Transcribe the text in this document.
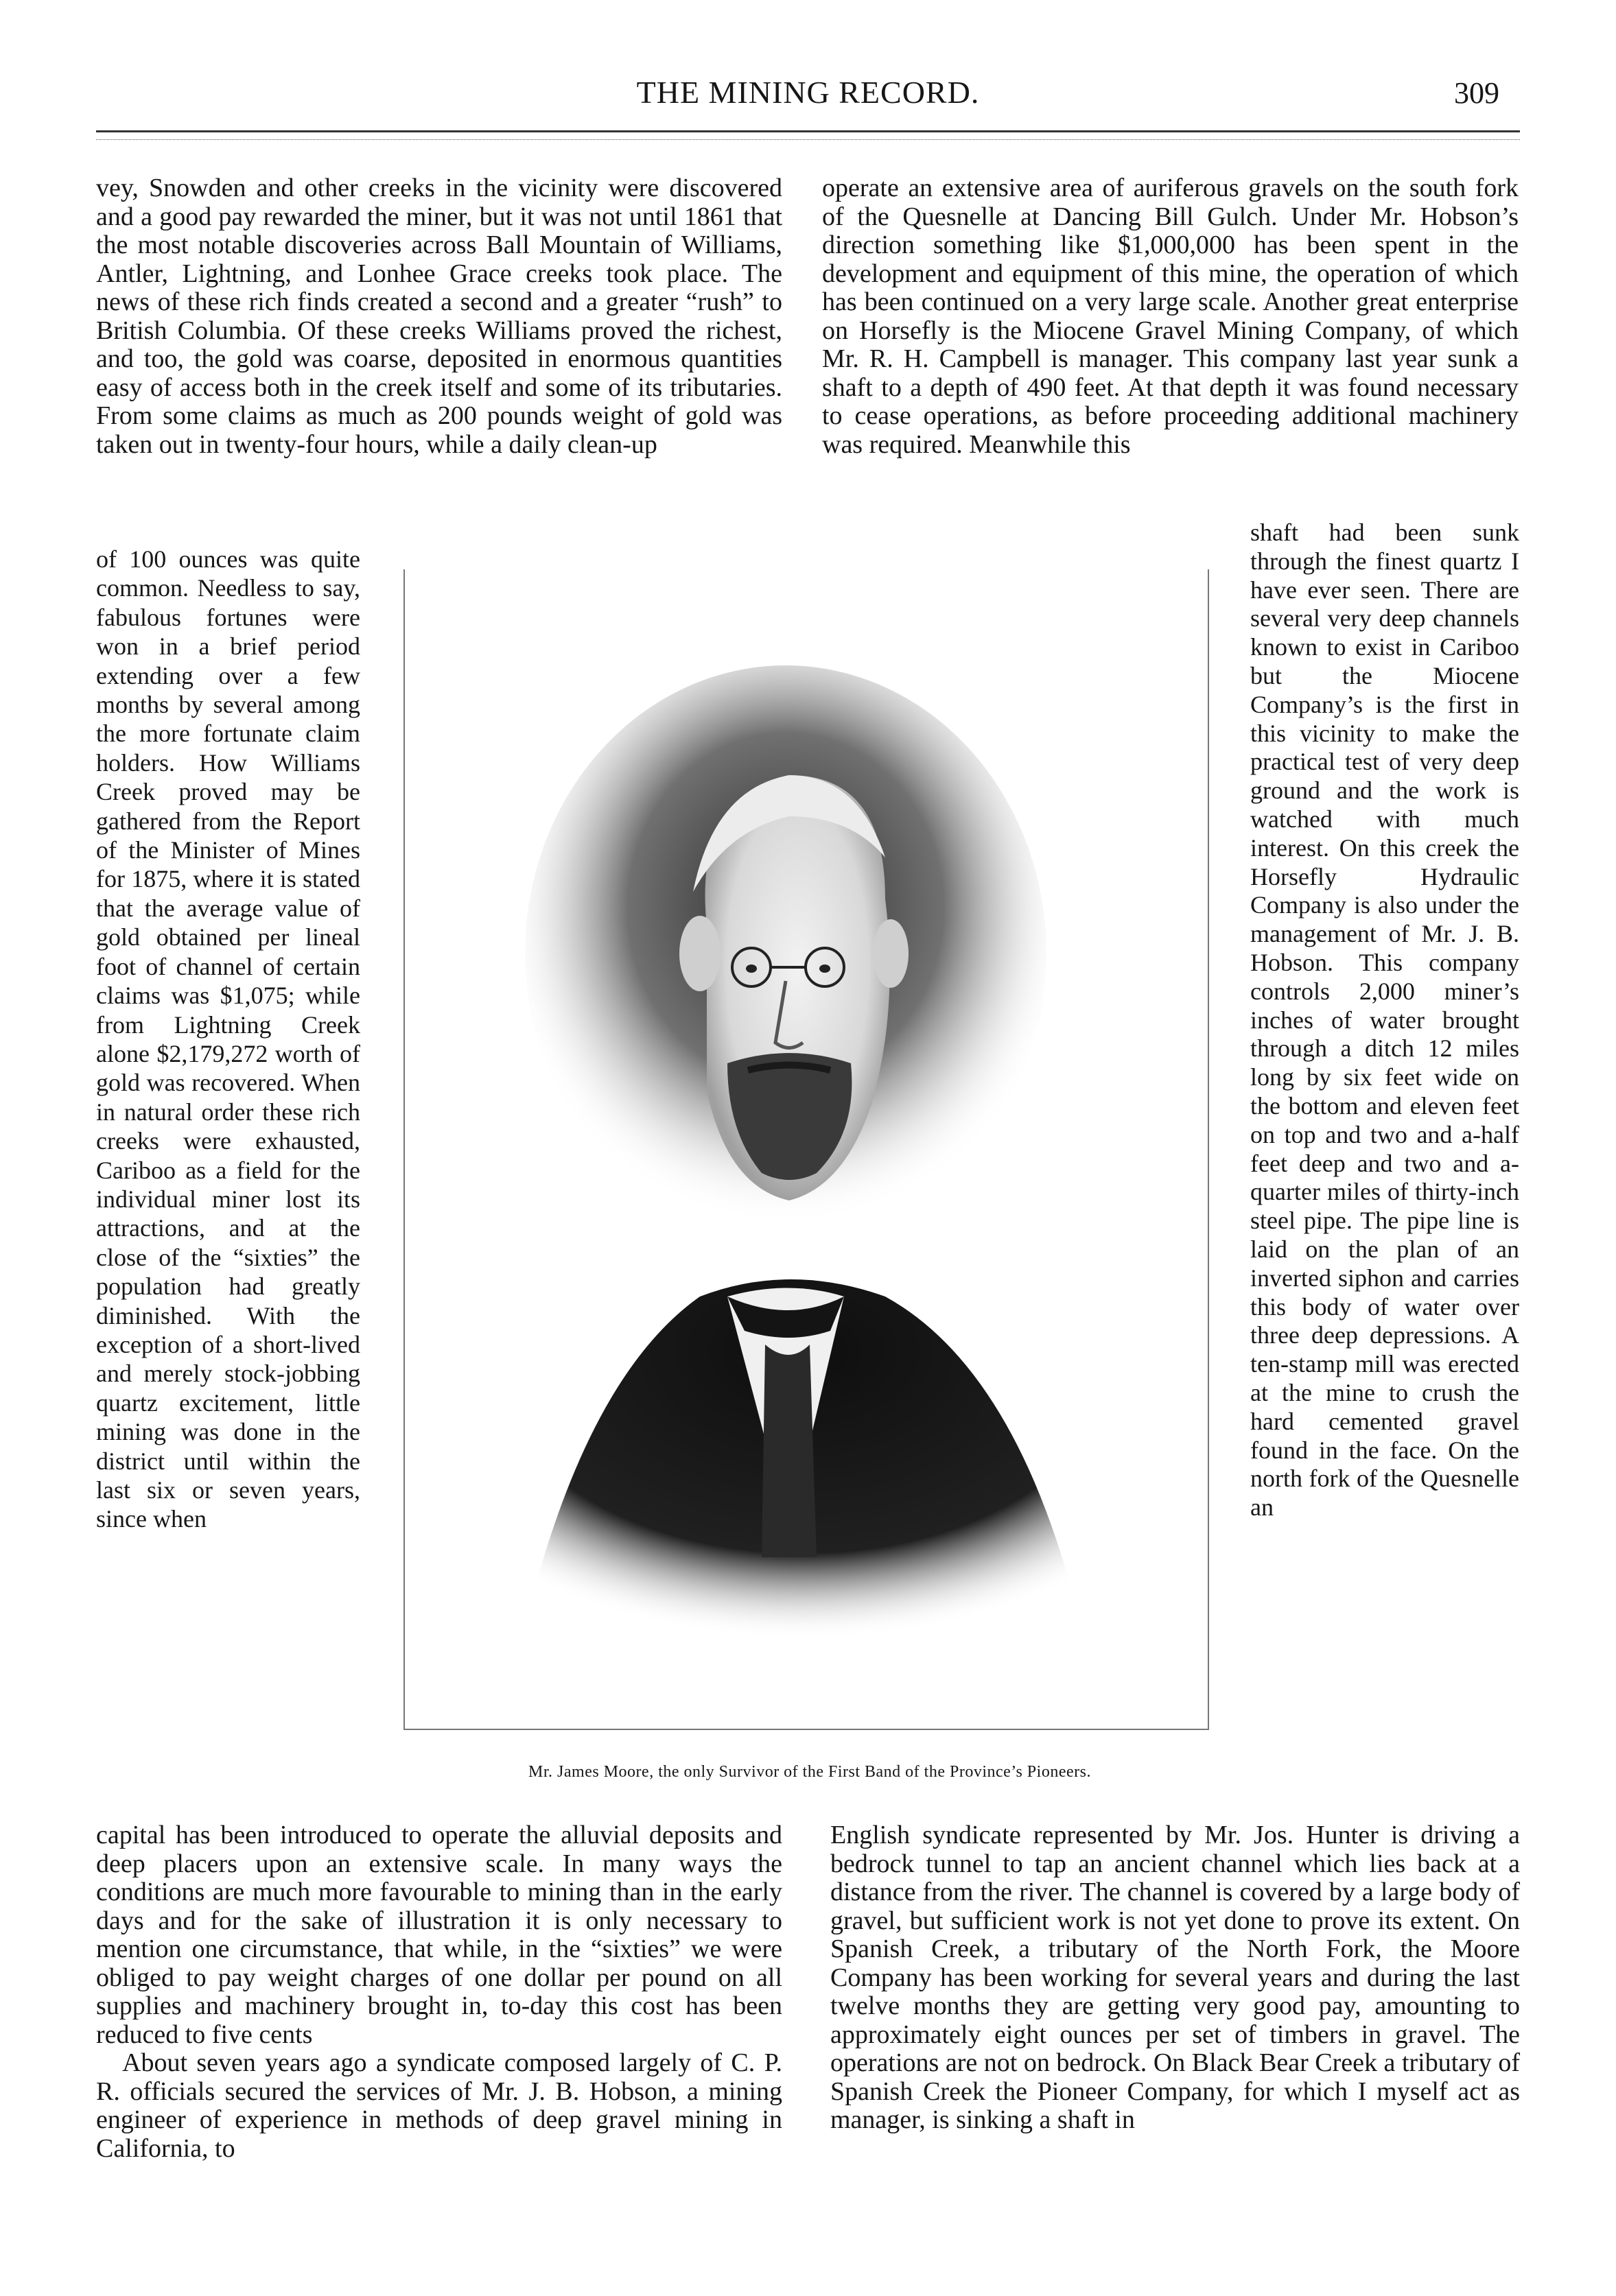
THE MINING RECORD.	309

vey, Snowden and other creeks in the vicinity were discovered and a good pay rewarded the miner, but it was not until 1861 that the most notable discoveries across Ball Mountain of Williams, Antler, Lightning, and Lonhee Grace creeks took place. The news of these rich finds created a second and a greater “rush” to British Columbia. Of these creeks Williams proved the richest, and too, the gold was coarse, deposited in enormous quantities easy of access both in the creek itself and some of its tributaries. From some claims as much as 200 pounds weight of gold was taken out in twenty-four hours, while a daily clean-up

of 100 ounces was quite common. Needless to say, fabulous fortunes were won in a brief period extending over a few months by several among the more fortunate claim holders. How Williams Creek proved may be gathered from the Report of the Minister of Mines for 1875, where it is stated that the average value of gold obtained per lineal foot of channel of certain claims was $1,075; while from Lightning Creek alone $2,179,272 worth of gold was recovered. When in natural order these rich creeks were exhausted, Cariboo as a field for the individual miner lost its attractions, and at the close of the “sixties” the population had greatly diminished. With the exception of a short-lived and merely stock-jobbing quartz excitement, little mining was done in the district until within the last six or seven years, since when

capital has been introduced to operate the alluvial deposits and deep placers upon an extensive scale. In many ways the conditions are much more favourable to mining than in the early days and for the sake of illustration it is only necessary to mention one circumstance, that while, in the “sixties” we were obliged to pay weight charges of one dollar per pound on all supplies and machinery brought in, to-day this cost has been reduced to five cents

About seven years ago a syndicate composed largely of C. P. R. officials secured the services of Mr. J. B. Hobson, a mining engineer of experience in methods of deep gravel mining in California, to

operate an extensive area of auriferous gravels on the south fork of the Quesnelle at Dancing Bill Gulch. Under Mr. Hobson’s direction something like $1,000,000 has been spent in the development and equipment of this mine, the operation of which has been continued on a very large scale. Another great enterprise on Horsefly is the Miocene Gravel Mining Company, of which Mr. R. H. Campbell is manager. This company last year sunk a shaft to a depth of 490 feet. At that depth it was found necessary to cease operations, as before proceeding additional machinery was required. Meanwhile this

shaft had been sunk through the finest quartz I have ever seen. There are several very deep channels known to exist in Cariboo but the Miocene Company’s is the first in this vicinity to make the practical test of very deep ground and the work is watched with much interest. On this creek the Horsefly Hydraulic Company is also under the management of Mr. J. B. Hobson. This company controls 2,000 miner’s inches of water brought through a ditch 12 miles long by six feet wide on the bottom and eleven feet on top and two and a-half feet deep and two and a-quarter miles of thirty-inch steel pipe. The pipe line is laid on the plan of an inverted siphon and carries this body of water over three deep depressions. A ten-stamp mill was erected at the mine to crush the hard cemented gravel found in the face. On the north fork of the Quesnelle an

English syndicate represented by Mr. Jos. Hunter is driving a bedrock tunnel to tap an ancient channel which lies back at a distance from the river. The channel is covered by a large body of gravel, but sufficient work is not yet done to prove its extent. On Spanish Creek, a tributary of the North Fork, the Moore Company has been working for several years and during the last twelve months they are getting very good pay, amounting to approximately eight ounces per set of timbers in gravel. The operations are not on bedrock. On Black Bear Creek a tributary of Spanish Creek the Pioneer Company, for which I myself act as manager, is sinking a shaft in

Mr. James Moore, the only Survivor of the First Band of the Province’s Pioneers.
